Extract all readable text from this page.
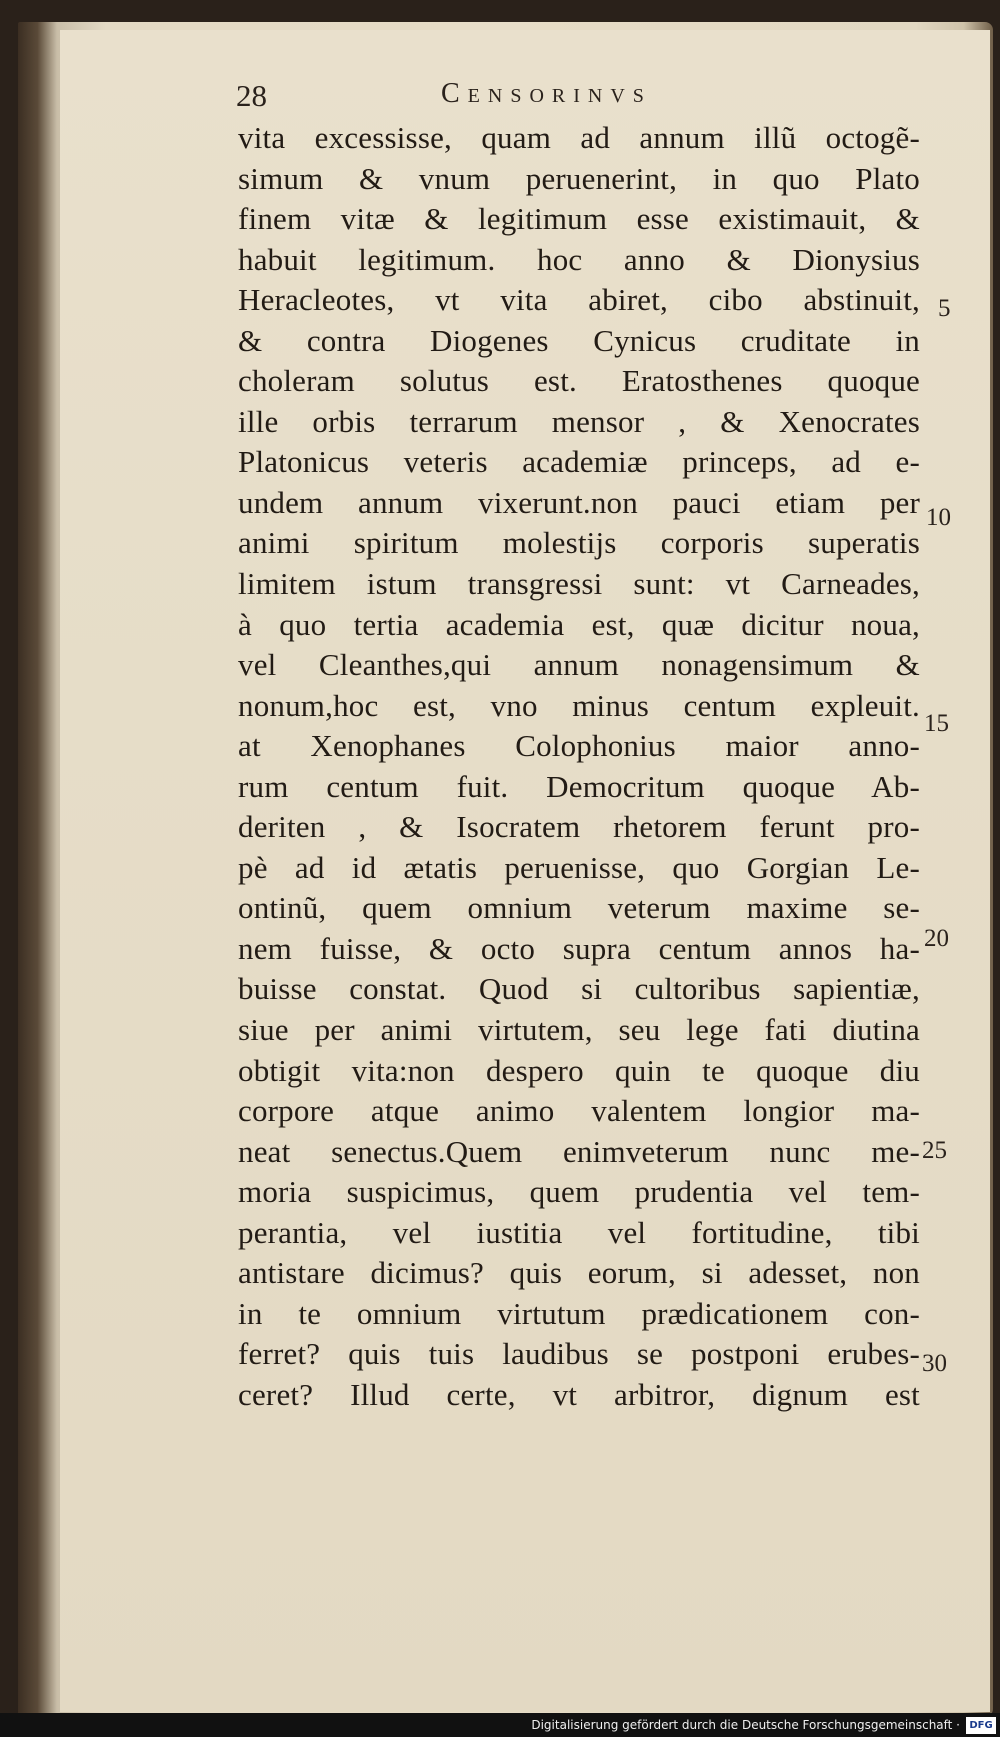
28	Censorinvs
vita excessisse, quam ad annum illũ octogẽ-
simum & vnum peruenerint, in quo Plato
finem vitæ & legitimum esse existimauit, &
habuit legitimum. hoc anno & Dionysius
Heracleotes, vt vita abiret, cibo abstinuit,
& contra Diogenes Cynicus cruditate in
choleram solutus est. Eratosthenes quoque
ille orbis terrarum mensor , & Xenocrates
Platonicus veteris academiæ princeps, ad e-
undem annum vixerunt.non pauci etiam per
animi spiritum molestijs corporis superatis
limitem istum transgressi sunt: vt Carneades,
à quo tertia academia est, quæ dicitur noua,
vel Cleanthes,qui annum nonagensimum &
nonum,hoc est, vno minus centum expleuit.
at Xenophanes Colophonius maior anno-
rum centum fuit. Democritum quoque Ab-
deriten , & Isocratem rhetorem ferunt pro-
pè ad id ætatis peruenisse, quo Gorgian Le-
ontinũ, quem omnium veterum maxime se-
nem fuisse, & octo supra centum annos ha-
buisse constat. Quod si cultoribus sapientiæ,
siue per animi virtutem, seu lege fati diutina
obtigit vita:non despero quin te quoque diu
corpore atque animo valentem longior ma-
neat senectus.Quem enimveterum nunc me-
moria suspicimus, quem prudentia vel tem-
perantia, vel iustitia vel fortitudine, tibi
antistare dicimus? quis eorum, si adesset, non
in te omnium virtutum prædicationem con-
ferret? quis tuis laudibus se postponi erubes-
ceret? Illud certe, vt arbitror, dignum est
5
10
15
20
25
30
Digitalisierung gefördert durch die Deutsche Forschungsgemeinschaft · DFG
